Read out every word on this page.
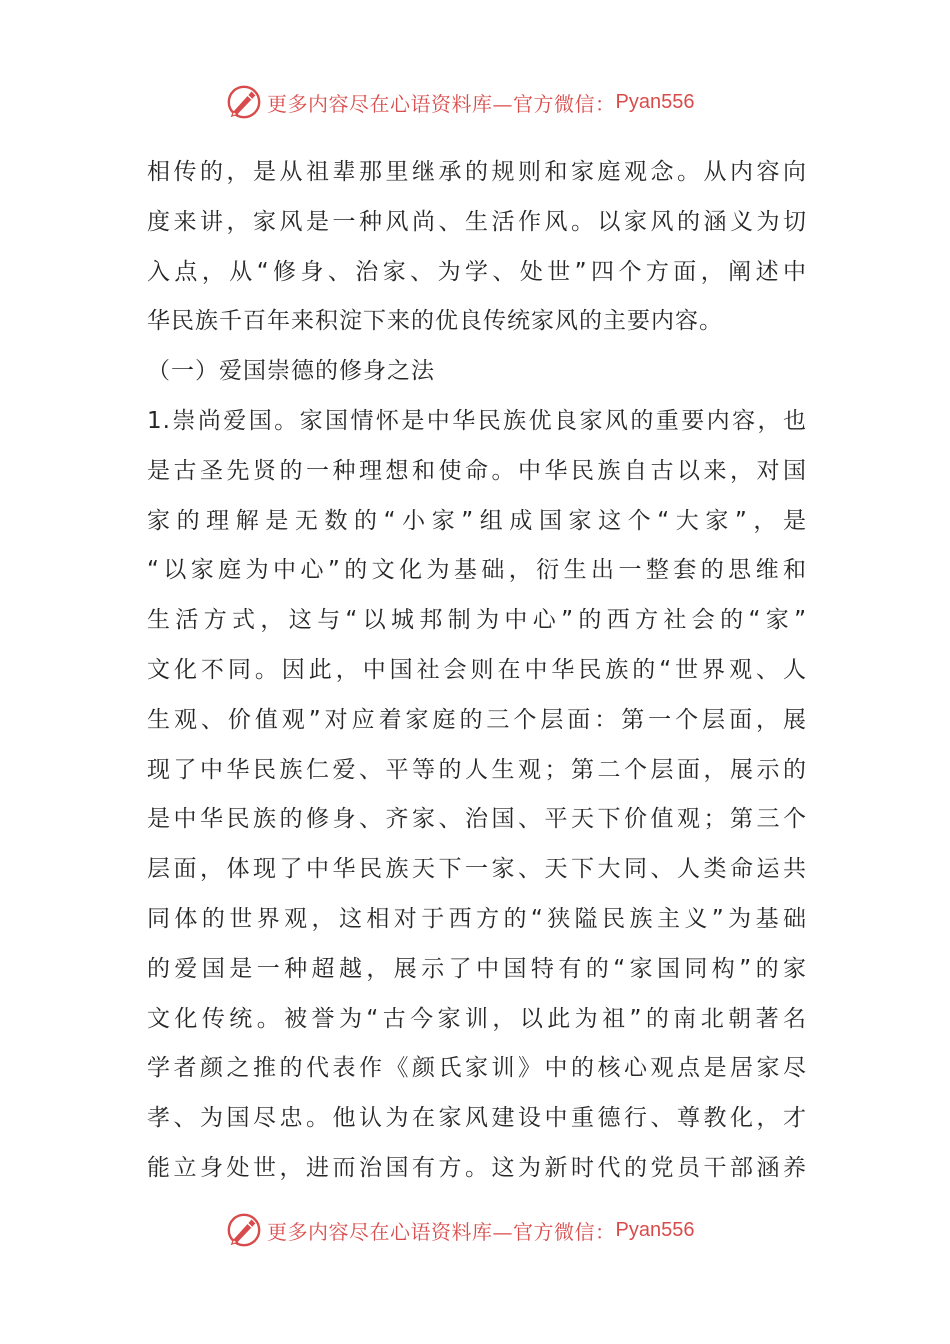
更多内容尽在心语资料库—官方微信： Pyan556
相传的，是从祖辈那里继承的规则和家庭观念。从内容向
度来讲，家风是一种风尚、生活作风。以家风的涵义为切
入点，从“修身、治家、为学、处世”四个方面，阐述中
华民族千百年来积淀下来的优良传统家风的主要内容。
（一）爱国崇德的修身之法
1.崇尚爱国。家国情怀是中华民族优良家风的重要内容，也
是古圣先贤的一种理想和使命。中华民族自古以来，对国
家的理解是无数的“小家”组成国家这个“大家”，是
“以家庭为中心”的文化为基础，衍生出一整套的思维和
生活方式，这与“以城邦制为中心”的西方社会的“家”
文化不同。因此，中国社会则在中华民族的“世界观、人
生观、价值观”对应着家庭的三个层面：第一个层面，展
现了中华民族仁爱、平等的人生观；第二个层面，展示的
是中华民族的修身、齐家、治国、平天下价值观；第三个
层面，体现了中华民族天下一家、天下大同、人类命运共
同体的世界观，这相对于西方的“狭隘民族主义”为基础
的爱国是一种超越，展示了中国特有的“家国同构”的家
文化传统。被誉为“古今家训，以此为祖”的南北朝著名
学者颜之推的代表作《颜氏家训》中的核心观点是居家尽
孝、为国尽忠。他认为在家风建设中重德行、尊教化，才
能立身处世，进而治国有方。这为新时代的党员干部涵养
更多内容尽在心语资料库—官方微信： Pyan556
